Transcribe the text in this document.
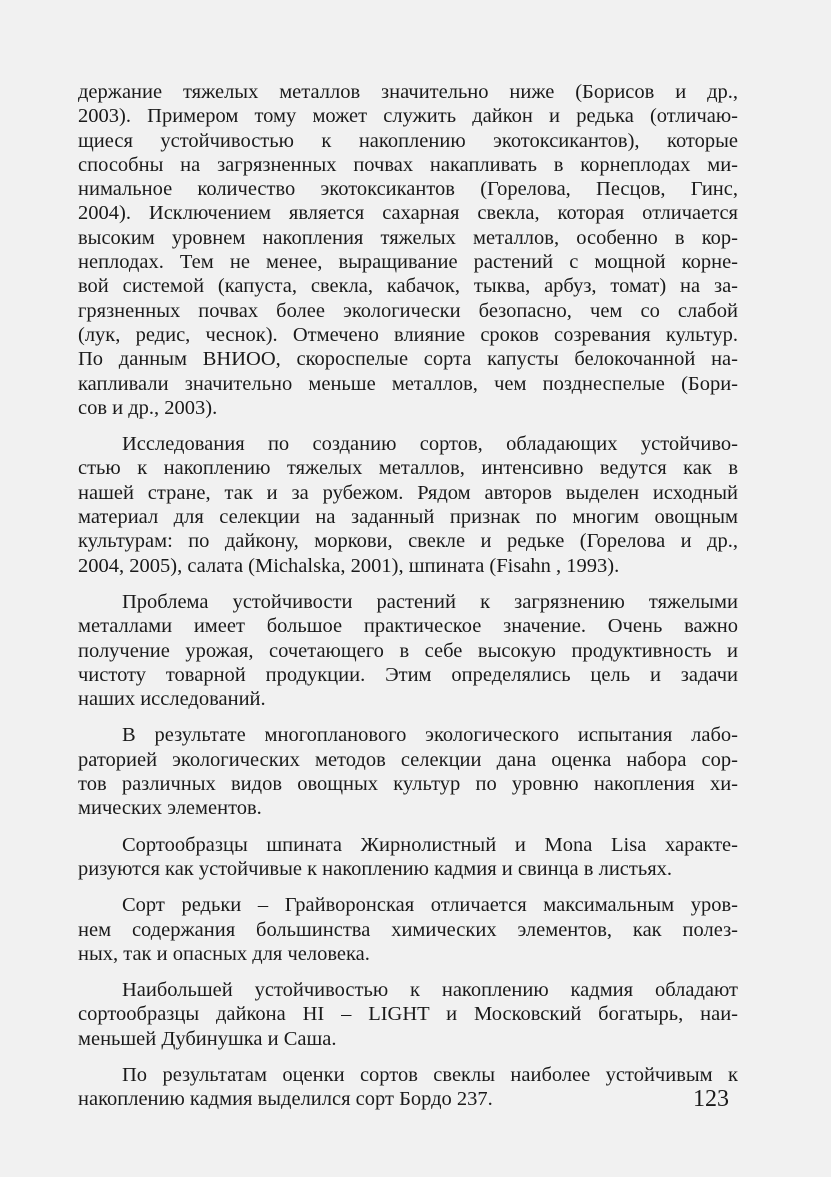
держание тяжелых металлов значительно ниже (Борисов и др.,
2003). Примером тому может служить дайкон и редька (отличаю-
щиеся устойчивостью к накоплению экотоксикантов), которые
способны на загрязненных почвах накапливать в корнеплодах ми-
нимальное количество экотоксикантов (Горелова, Песцов, Гинс,
2004). Исключением является сахарная свекла, которая отличается
высоким уровнем накопления тяжелых металлов, особенно в кор-
неплодах. Тем не менее, выращивание растений с мощной корне-
вой системой (капуста, свекла, кабачок, тыква, арбуз, томат) на за-
грязненных почвах более экологически безопасно, чем со слабой
(лук, редис, чеснок). Отмечено влияние сроков созревания культур.
По данным ВНИОО, скороспелые сорта капусты белокочанной на-
капливали значительно меньше металлов, чем позднеспелые (Бори-
сов и др., 2003).
Исследования по созданию сортов, обладающих устойчиво-
стью к накоплению тяжелых металлов, интенсивно ведутся как в
нашей стране, так и за рубежом. Рядом авторов выделен исходный
материал для селекции на заданный признак по многим овощным
культурам: по дайкону, моркови, свекле и редьке (Горелова и др.,
2004, 2005), салата (Michalska, 2001), шпината (Fisahn , 1993).
Проблема устойчивости растений к загрязнению тяжелыми
металлами имеет большое практическое значение. Очень важно
получение урожая, сочетающего в себе высокую продуктивность и
чистоту товарной продукции. Этим определялись цель и задачи
наших исследований.
В результате многопланового экологического испытания лабо-
раторией экологических методов селекции дана оценка набора сор-
тов различных видов овощных культур по уровню накопления хи-
мических элементов.
Сортообразцы шпината Жирнолистный и Mona Lisa характе-
ризуются как устойчивые к накоплению кадмия и свинца в листьях.
Сорт редьки – Грайворонская отличается максимальным уров-
нем содержания большинства химических элементов, как полез-
ных, так и опасных для человека.
Наибольшей устойчивостью к накоплению кадмия обладают
сортообразцы дайкона HI – LIGHT и Московский богатырь, наи-
меньшей Дубинушка и Саша.
По результатам оценки сортов свеклы наиболее устойчивым к
накоплению кадмия выделился сорт Бордо 237.	123
